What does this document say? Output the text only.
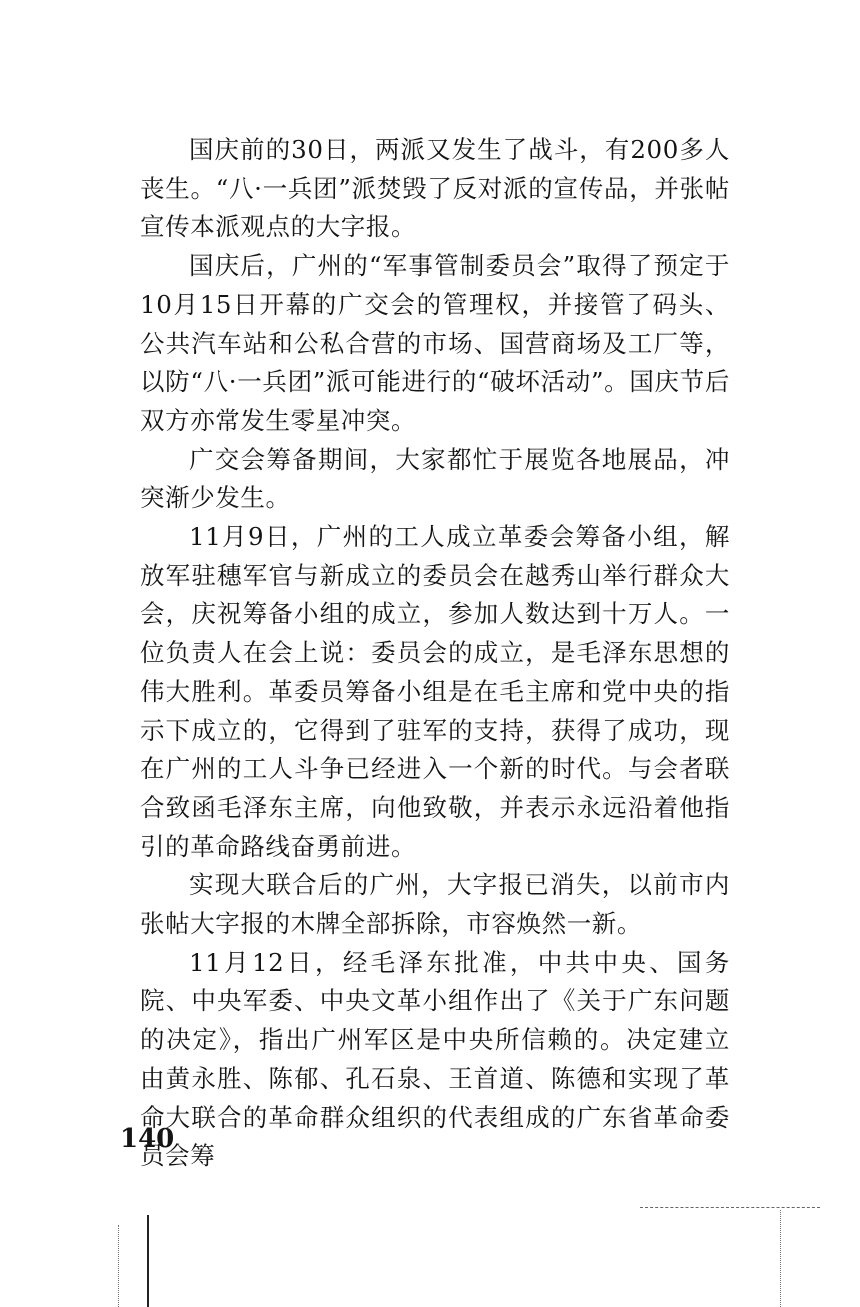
国庆前的30日，两派又发生了战斗，有200多人丧生。“八·一兵团”派焚毁了反对派的宣传品，并张帖宣传本派观点的大字报。

国庆后，广州的“军事管制委员会”取得了预定于10月15日开幕的广交会的管理权，并接管了码头、公共汽车站和公私合营的市场、国营商场及工厂等，以防“八·一兵团”派可能进行的“破坏活动”。国庆节后双方亦常发生零星冲突。

广交会筹备期间，大家都忙于展览各地展品，冲突渐少发生。

11月9日，广州的工人成立革委会筹备小组，解放军驻穗军官与新成立的委员会在越秀山举行群众大会，庆祝筹备小组的成立，参加人数达到十万人。一位负责人在会上说：委员会的成立，是毛泽东思想的伟大胜利。革委员筹备小组是在毛主席和党中央的指示下成立的，它得到了驻军的支持，获得了成功，现在广州的工人斗争已经进入一个新的时代。与会者联合致函毛泽东主席，向他致敬，并表示永远沿着他指引的革命路线奋勇前进。

实现大联合后的广州，大字报已消失，以前市内张帖大字报的木牌全部拆除，市容焕然一新。

11月12日，经毛泽东批准，中共中央、国务院、中央军委、中央文革小组作出了《关于广东问题的决定》，指出广州军区是中央所信赖的。决定建立由黄永胜、陈郁、孔石泉、王首道、陈德和实现了革命大联合的革命群众组织的代表组成的广东省革命委员会筹

140
